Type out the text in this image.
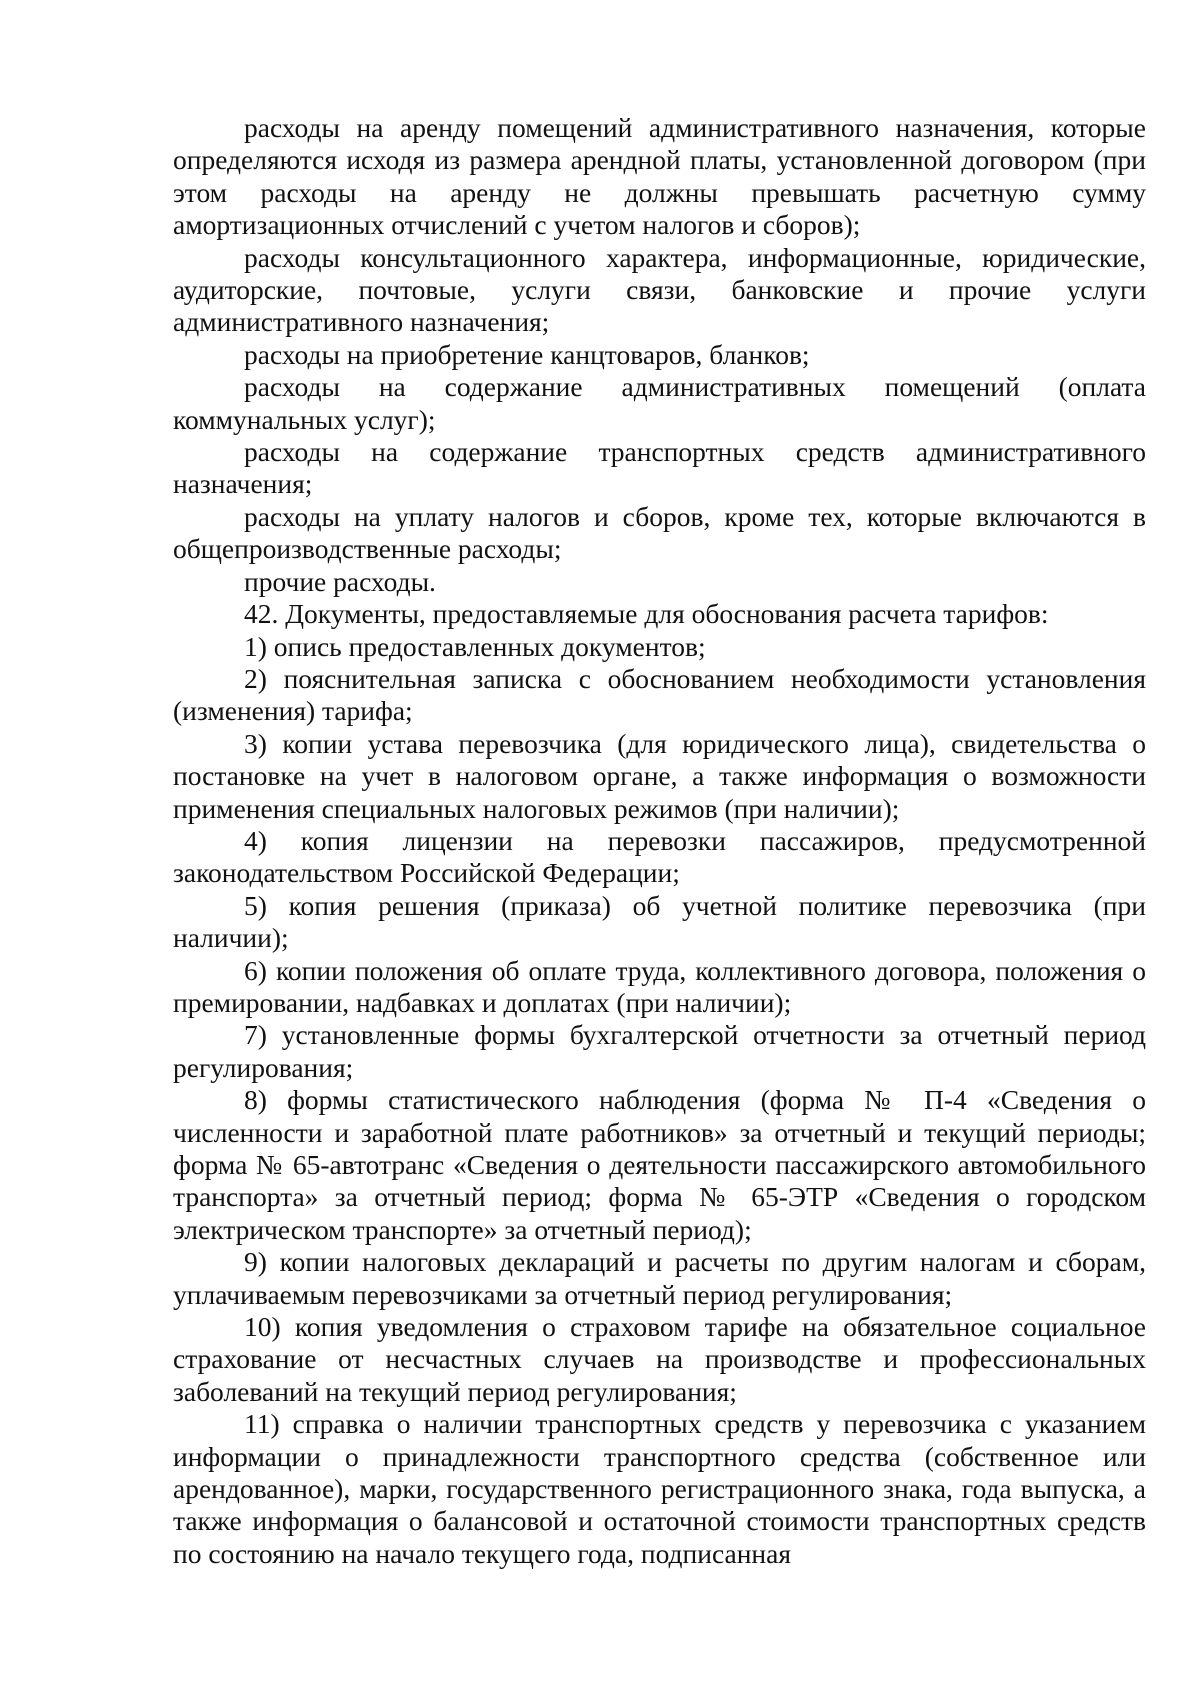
расходы на аренду помещений административного назначения, которые определяются исходя из размера арендной платы, установленной договором (при этом расходы на аренду не должны превышать расчетную сумму амортизационных отчислений с учетом налогов и сборов);

расходы консультационного характера, информационные, юридические, аудиторские, почтовые, услуги связи, банковские и прочие услуги административного назначения;

расходы на приобретение канцтоваров, бланков;

расходы на содержание административных помещений (оплата коммунальных услуг);

расходы на содержание транспортных средств административного назначения;

расходы на уплату налогов и сборов, кроме тех, которые включаются в общепроизводственные расходы;

прочие расходы.

42. Документы, предоставляемые для обоснования расчета тарифов:

1) опись предоставленных документов;

2) пояснительная записка с обоснованием необходимости установления (изменения) тарифа;

3) копии устава перевозчика (для юридического лица), свидетельства о постановке на учет в налоговом органе, а также информация о возможности применения специальных налоговых режимов (при наличии);

4) копия лицензии на перевозки пассажиров, предусмотренной законодательством Российской Федерации;

5) копия решения (приказа) об учетной политике перевозчика (при наличии);

6) копии положения об оплате труда, коллективного договора, положения о премировании, надбавках и доплатах (при наличии);

7) установленные формы бухгалтерской отчетности за отчетный период регулирования;

8) формы статистического наблюдения (форма № П-4 «Сведения о численности и заработной плате работников» за отчетный и текущий периоды; форма № 65-автотранс «Сведения о деятельности пассажирского автомобильного транспорта» за отчетный период; форма № 65-ЭТР «Сведения о городском электрическом транспорте» за отчетный период);

9) копии налоговых деклараций и расчеты по другим налогам и сборам, уплачиваемым перевозчиками за отчетный период регулирования;

10) копия уведомления о страховом тарифе на обязательное социальное страхование от несчастных случаев на производстве и профессиональных заболеваний на текущий период регулирования;

11) справка о наличии транспортных средств у перевозчика с указанием информации о принадлежности транспортного средства (собственное или арендованное), марки, государственного регистрационного знака, года выпуска, а также информация о балансовой и остаточной стоимости транспортных средств по состоянию на начало текущего года, подписанная
